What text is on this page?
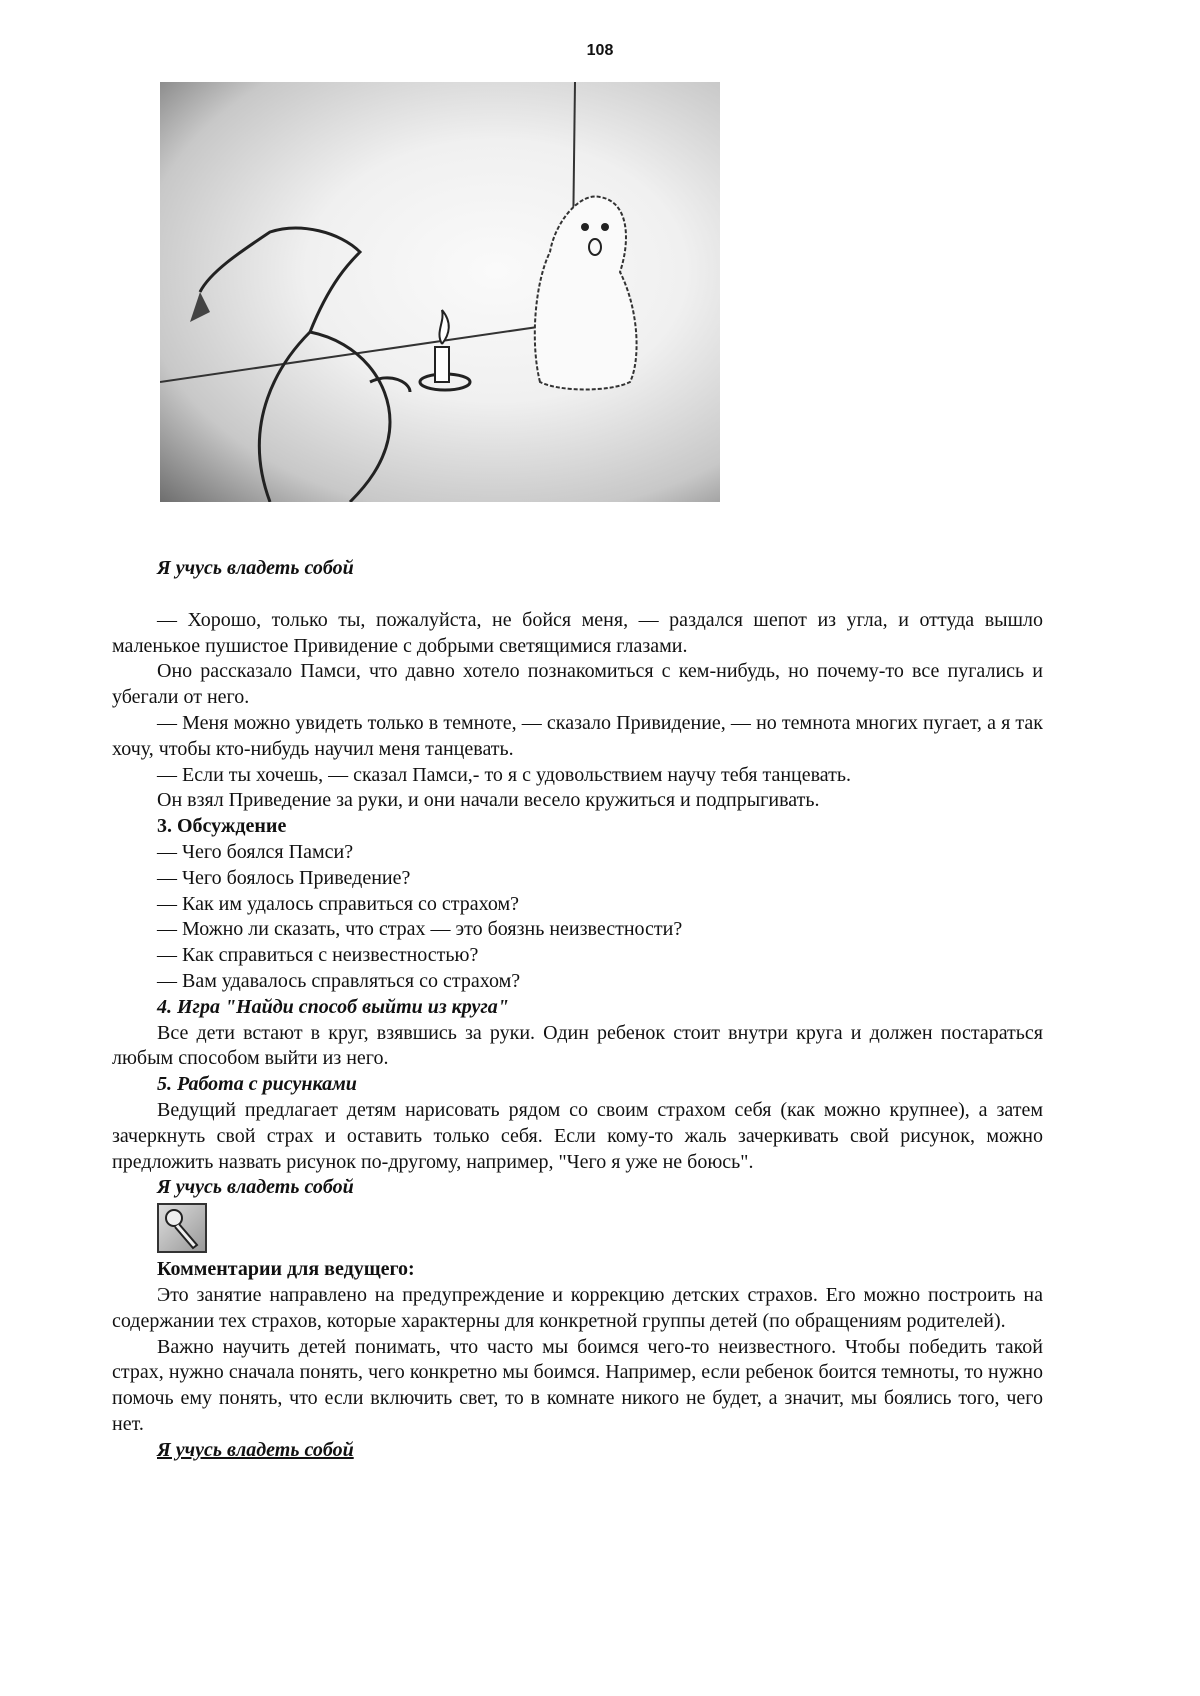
108

Я учусь владеть собой

— Хорошо, только ты, пожалуйста, не бойся меня, — раздался шепот из угла, и оттуда вышло маленькое пушистое Привидение с добрыми светящимися глазами.

Оно рассказало Памси, что давно хотело познакомиться с кем-нибудь, но почему-то все пугались и убегали от него.

— Меня можно увидеть только в темноте, — сказало Привидение, — но темнота многих пугает, а я так хочу, чтобы кто-нибудь научил меня танцевать.

— Если ты хочешь, — сказал Памси,- то я с удовольствием научу тебя танцевать.

Он взял Приведение за руки, и они начали весело кружиться и подпрыгивать.

3. Обсуждение

— Чего боялся Памси?

— Чего боялось Приведение?

— Как им удалось справиться со страхом?

— Можно ли сказать, что страх — это боязнь неизвестности?

— Как справиться с неизвестностью?

— Вам удавалось справляться со страхом?

4. Игра "Найди способ выйти из круга"

Все дети встают в круг, взявшись за руки. Один ребенок стоит внутри круга и должен постараться любым способом выйти из него.

5. Работа с рисунками

Ведущий предлагает детям нарисовать рядом со своим страхом себя (как можно крупнее), а затем зачеркнуть свой страх и оставить только себя. Если кому-то жаль зачеркивать свой рисунок, можно предложить назвать рисунок по-другому, например, "Чего я уже не боюсь".

Я учусь владеть собой

Комментарии для ведущего:

Это занятие направлено на предупреждение и коррекцию детских страхов. Его можно построить на содержании тех страхов, которые характерны для конкретной группы детей (по обращениям родителей).

Важно научить детей понимать, что часто мы боимся чего-то неизвестного. Чтобы победить такой страх, нужно сначала понять, чего конкретно мы боимся. Например, если ребенок боится темноты, то нужно помочь ему понять, что если включить свет, то в комнате никого не будет, а значит, мы боялись того, чего нет.

Я учусь владеть собой
